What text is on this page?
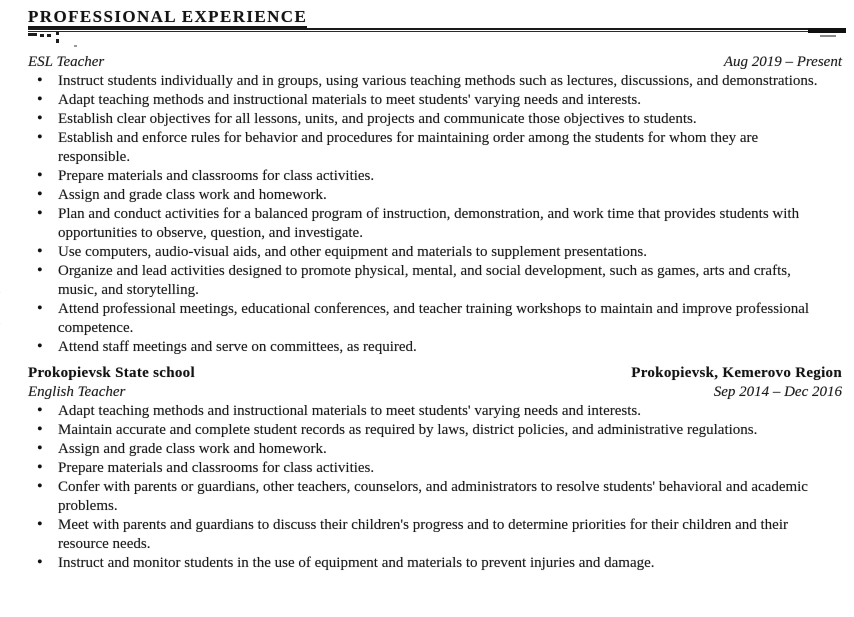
PROFESSIONAL EXPERIENCE
ESL Teacher	Aug 2019 – Present
• Instruct students individually and in groups, using various teaching methods such as lectures, discussions, and demonstrations.
• Adapt teaching methods and instructional materials to meet students' varying needs and interests.
• Establish clear objectives for all lessons, units, and projects and communicate those objectives to students.
• Establish and enforce rules for behavior and procedures for maintaining order among the students for whom they are responsible.
• Prepare materials and classrooms for class activities.
• Assign and grade class work and homework.
• Plan and conduct activities for a balanced program of instruction, demonstration, and work time that provides students with opportunities to observe, question, and investigate.
• Use computers, audio-visual aids, and other equipment and materials to supplement presentations.
• Organize and lead activities designed to promote physical, mental, and social development, such as games, arts and crafts, music, and storytelling.
• Attend professional meetings, educational conferences, and teacher training workshops to maintain and improve professional competence.
• Attend staff meetings and serve on committees, as required.
Prokopievsk State school	Prokopievsk, Kemerovo Region
English Teacher	Sep 2014 – Dec 2016
• Adapt teaching methods and instructional materials to meet students' varying needs and interests.
• Maintain accurate and complete student records as required by laws, district policies, and administrative regulations.
• Assign and grade class work and homework.
• Prepare materials and classrooms for class activities.
• Confer with parents or guardians, other teachers, counselors, and administrators to resolve students' behavioral and academic problems.
• Meet with parents and guardians to discuss their children's progress and to determine priorities for their children and their resource needs.
• Instruct and monitor students in the use of equipment and materials to prevent injuries and damage.
